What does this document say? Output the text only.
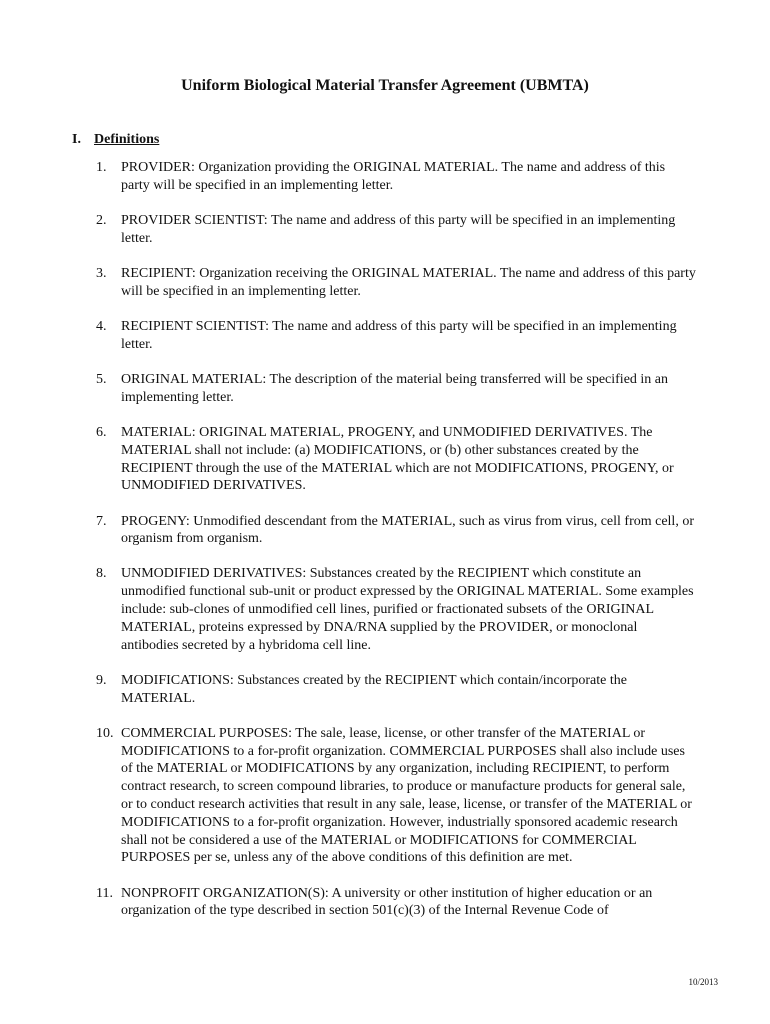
Uniform Biological Material Transfer Agreement (UBMTA)
I. Definitions
1. PROVIDER: Organization providing the ORIGINAL MATERIAL. The name and address of this party will be specified in an implementing letter.
2. PROVIDER SCIENTIST: The name and address of this party will be specified in an implementing letter.
3. RECIPIENT: Organization receiving the ORIGINAL MATERIAL. The name and address of this party will be specified in an implementing letter.
4. RECIPIENT SCIENTIST: The name and address of this party will be specified in an implementing letter.
5. ORIGINAL MATERIAL: The description of the material being transferred will be specified in an implementing letter.
6. MATERIAL: ORIGINAL MATERIAL, PROGENY, and UNMODIFIED DERIVATIVES. The MATERIAL shall not include: (a) MODIFICATIONS, or (b) other substances created by the RECIPIENT through the use of the MATERIAL which are not MODIFICATIONS, PROGENY, or UNMODIFIED DERIVATIVES.
7. PROGENY: Unmodified descendant from the MATERIAL, such as virus from virus, cell from cell, or organism from organism.
8. UNMODIFIED DERIVATIVES: Substances created by the RECIPIENT which constitute an unmodified functional sub-unit or product expressed by the ORIGINAL MATERIAL. Some examples include: sub-clones of unmodified cell lines, purified or fractionated subsets of the ORIGINAL MATERIAL, proteins expressed by DNA/RNA supplied by the PROVIDER, or monoclonal antibodies secreted by a hybridoma cell line.
9. MODIFICATIONS: Substances created by the RECIPIENT which contain/incorporate the MATERIAL.
10. COMMERCIAL PURPOSES: The sale, lease, license, or other transfer of the MATERIAL or MODIFICATIONS to a for-profit organization. COMMERCIAL PURPOSES shall also include uses of the MATERIAL or MODIFICATIONS by any organization, including RECIPIENT, to perform contract research, to screen compound libraries, to produce or manufacture products for general sale, or to conduct research activities that result in any sale, lease, license, or transfer of the MATERIAL or MODIFICATIONS to a for-profit organization. However, industrially sponsored academic research shall not be considered a use of the MATERIAL or MODIFICATIONS for COMMERCIAL PURPOSES per se, unless any of the above conditions of this definition are met.
11. NONPROFIT ORGANIZATION(S): A university or other institution of higher education or an organization of the type described in section 501(c)(3) of the Internal Revenue Code of
10/2013
